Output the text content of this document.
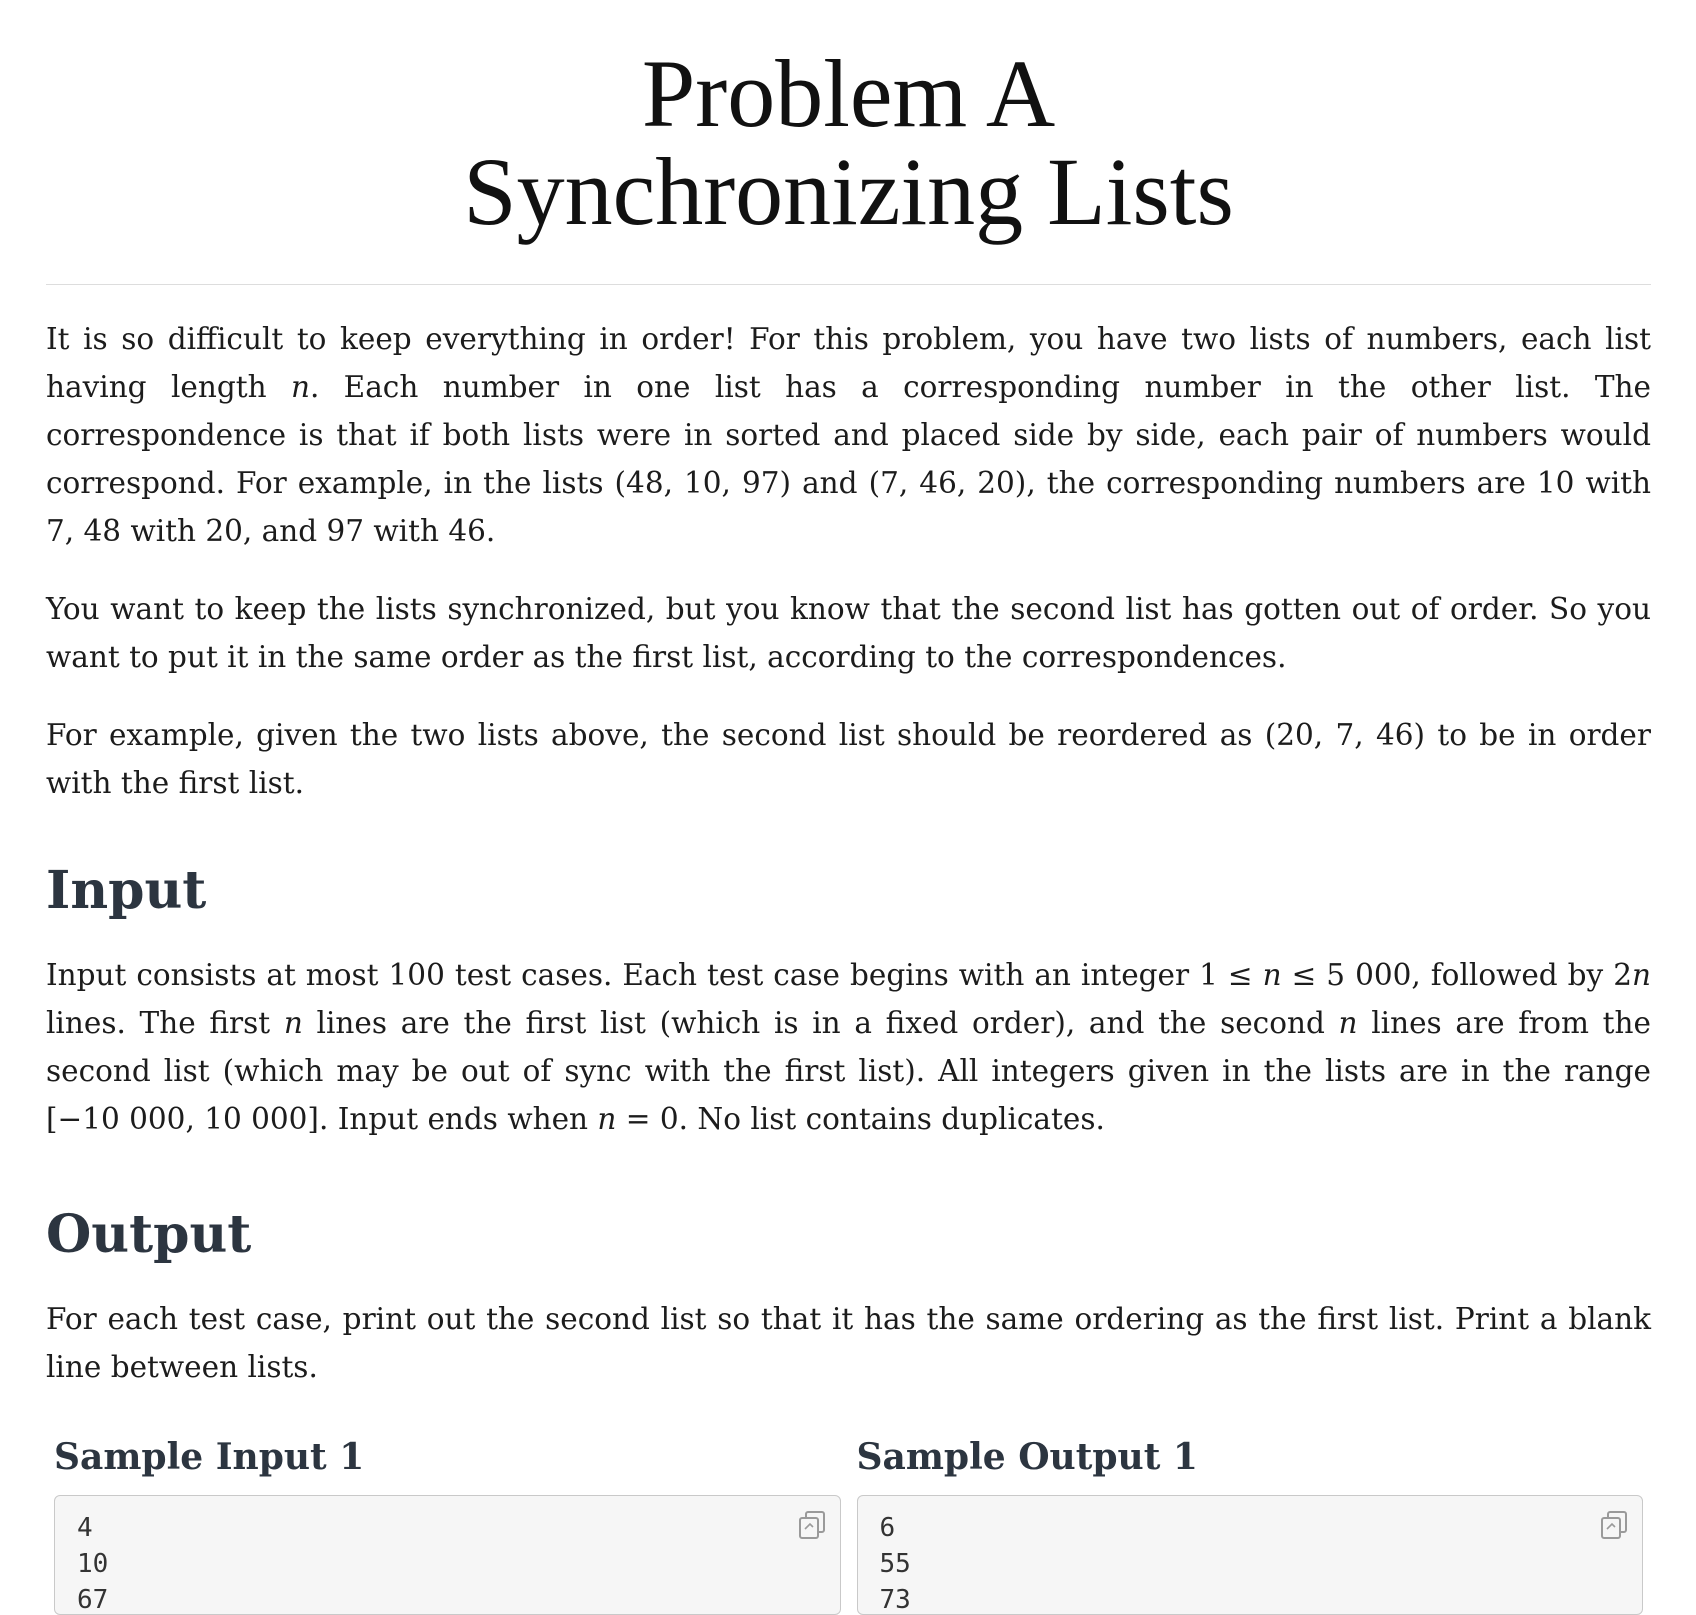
Problem A
Synchronizing Lists

It is so difficult to keep everything in order! For this problem, you have two lists of numbers, each list having length n. Each number in one list has a corresponding number in the other list. The correspondence is that if both lists were in sorted and placed side by side, each pair of numbers would correspond. For example, in the lists (48, 10, 97) and (7, 46, 20), the corresponding numbers are 10 with 7, 48 with 20, and 97 with 46.

You want to keep the lists synchronized, but you know that the second list has gotten out of order. So you want to put it in the same order as the first list, according to the correspondences.

For example, given the two lists above, the second list should be reordered as (20, 7, 46) to be in order with the first list.

Input

Input consists at most 100 test cases. Each test case begins with an integer 1 ≤ n ≤ 5 000, followed by 2n lines. The first n lines are the first list (which is in a fixed order), and the second n lines are from the second list (which may be out of sync with the first list). All integers given in the lists are in the range [−10 000, 10 000]. Input ends when n = 0. No list contains duplicates.

Output

For each test case, print out the second list so that it has the same ordering as the first list. Print a blank line between lists.

Sample Input 1
4
10
67
Sample Output 1
6
55
73
